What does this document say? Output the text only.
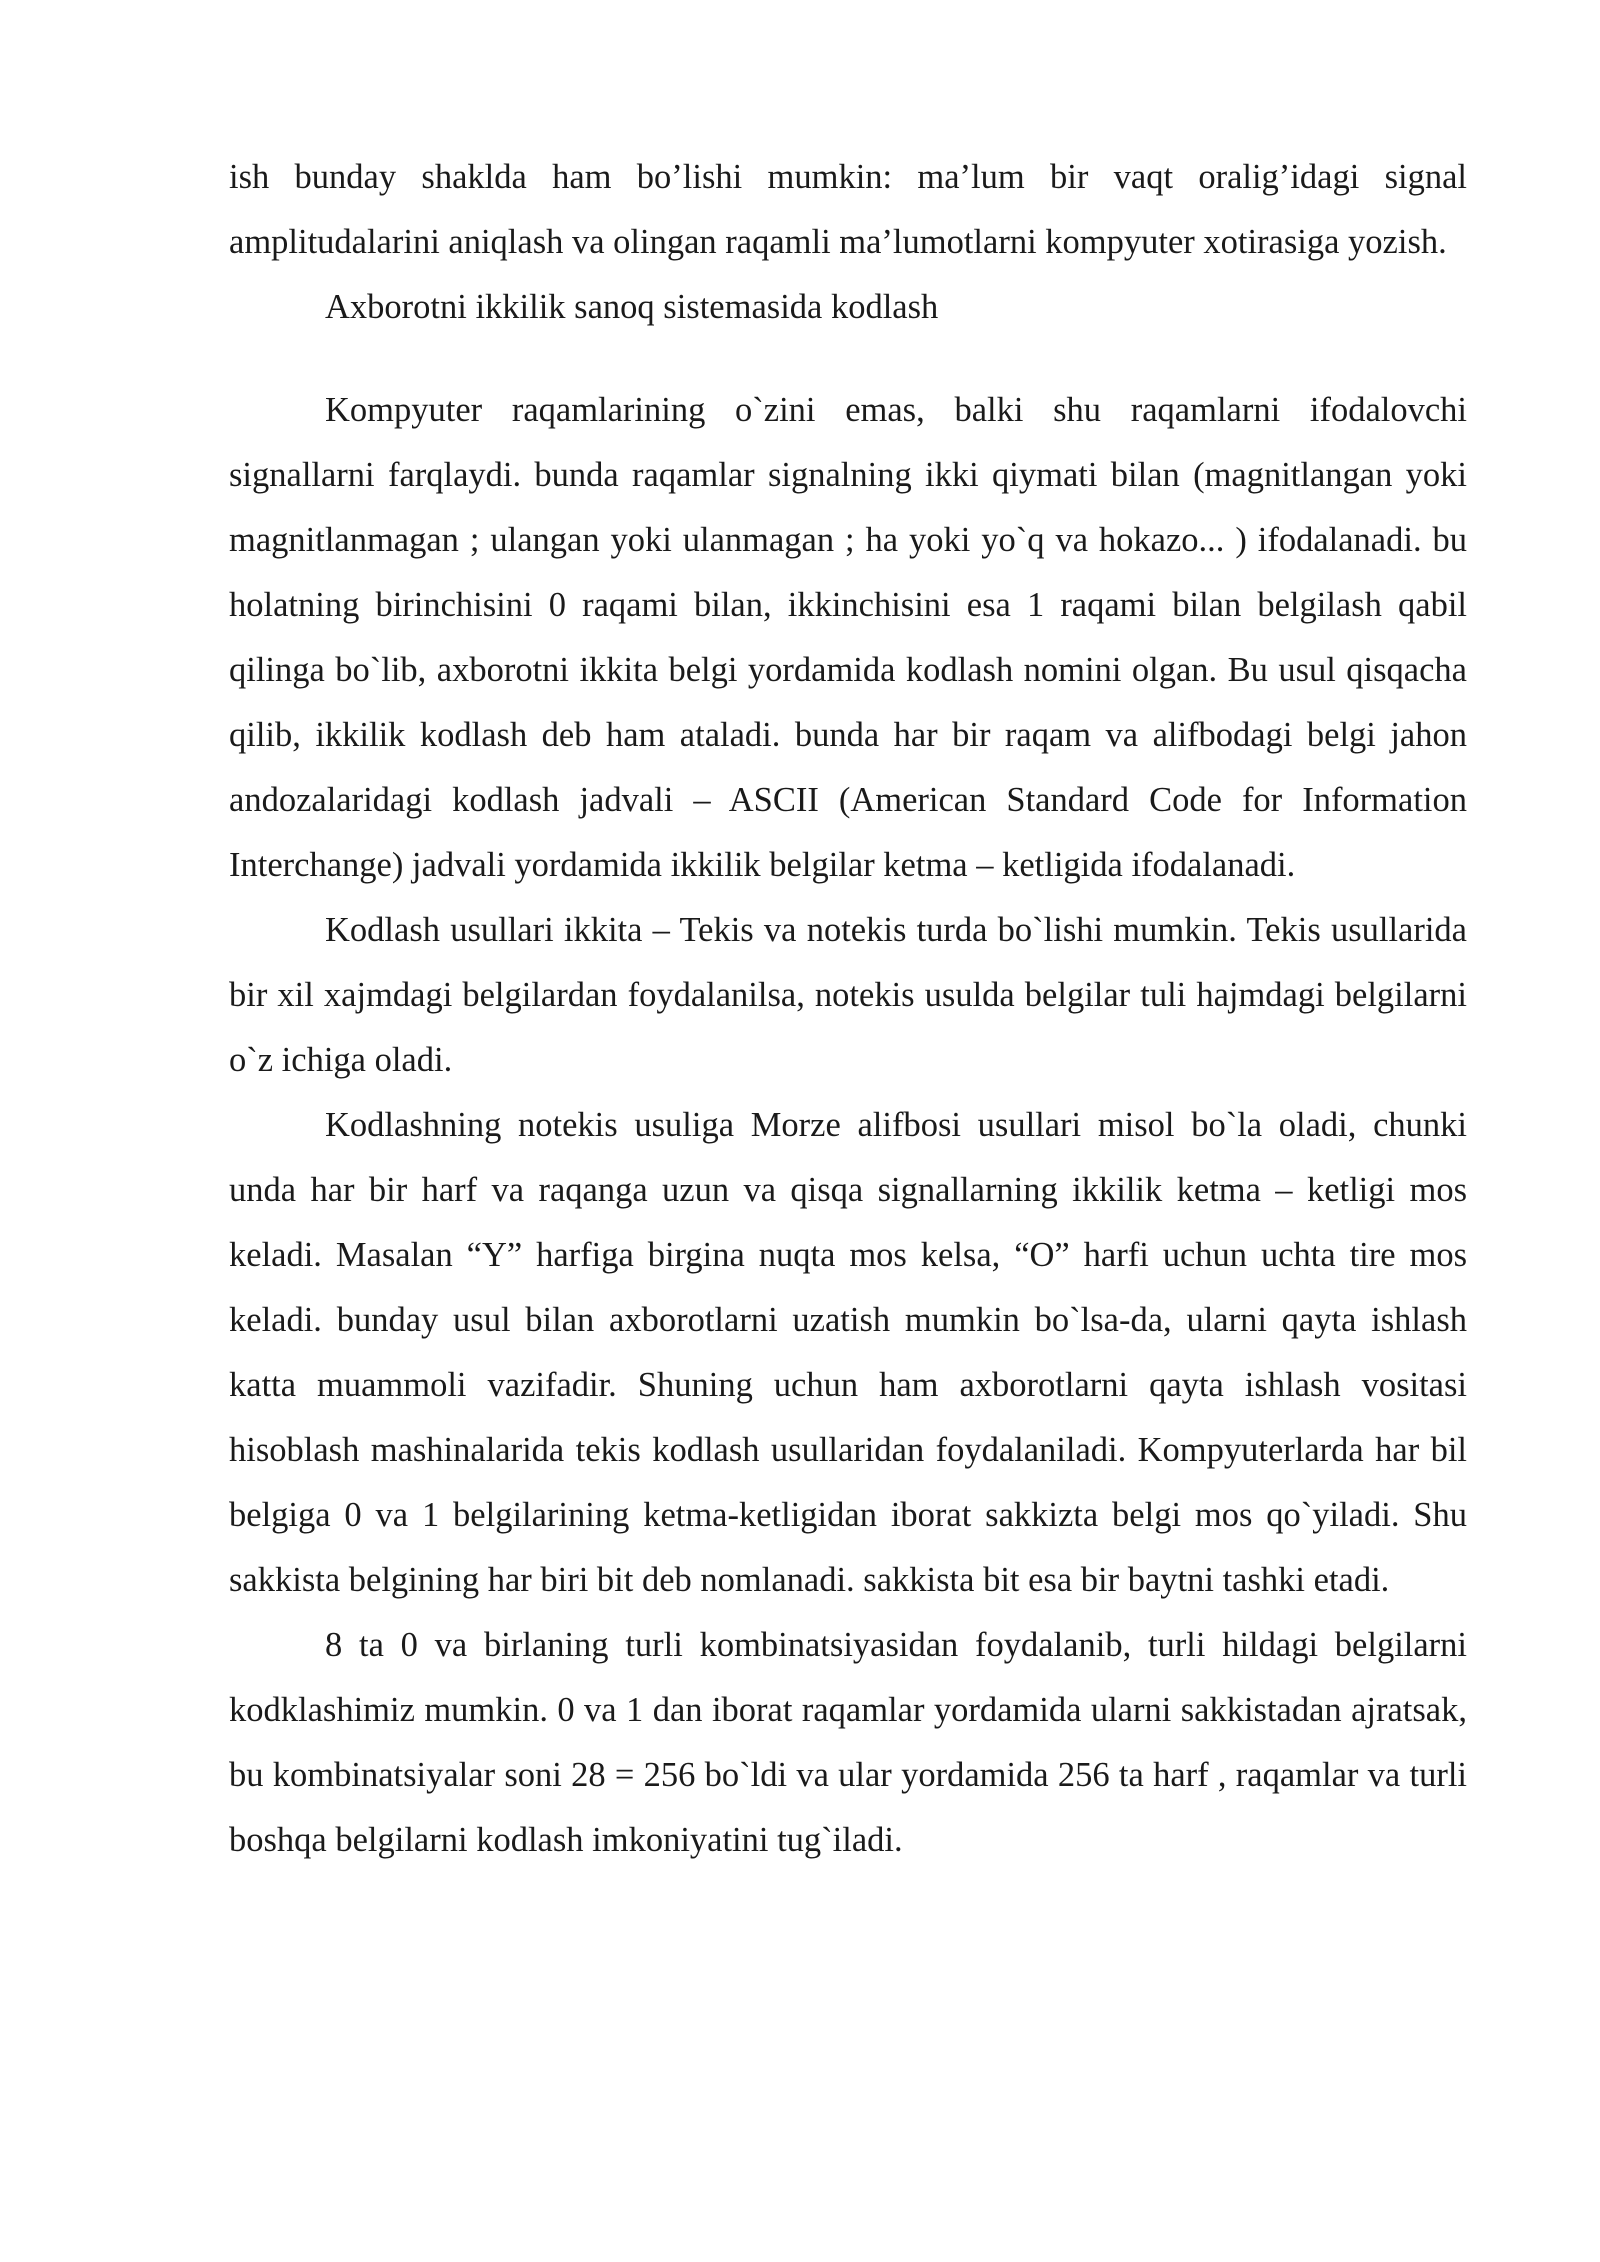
ish bunday shaklda ham bo’lishi mumkin: ma’lum bir vaqt oralig’idagi signal amplitudalarini aniqlash va olingan raqamli ma’lumotlarni kompyuter xotirasiga yozish.

Axborotni ikkilik sanoq sistemasida kodlash

Kompyuter raqamlarining o`zini emas, balki shu raqamlarni ifodalovchi signallarni farqlaydi. bunda raqamlar signalning ikki qiymati bilan (magnitlangan yoki magnitlanmagan ; ulangan yoki ulanmagan ; ha yoki yo`q va hokazo... ) ifodalanadi. bu holatning birinchisini 0 raqami bilan, ikkinchisini esa 1 raqami bilan belgilash qabil qilinga bo`lib, axborotni ikkita belgi yordamida kodlash nomini olgan. Bu usul qisqacha qilib, ikkilik kodlash deb ham ataladi. bunda har bir raqam va alifbodagi belgi jahon andozalaridagi kodlash jadvali – ASCII (American Standard Code for Information Interchange) jadvali yordamida ikkilik belgilar ketma – ketligida ifodalanadi.

Kodlash usullari ikkita – Tekis va notekis turda bo`lishi mumkin. Tekis usullarida bir xil xajmdagi belgilardan foydalanilsa, notekis usulda belgilar tuli hajmdagi belgilarni o`z ichiga oladi.

Kodlashning notekis usuliga Morze alifbosi usullari misol bo`la oladi, chunki unda har bir harf va raqanga uzun va qisqa signallarning ikkilik ketma – ketligi mos keladi. Masalan “Y” harfiga birgina nuqta mos kelsa, “O” harfi uchun uchta tire mos keladi. bunday usul bilan axborotlarni uzatish mumkin bo`lsa-da, ularni qayta ishlash katta muammoli vazifadir. Shuning uchun ham axborotlarni qayta ishlash vositasi hisoblash mashinalarida tekis kodlash usullaridan foydalaniladi. Kompyuterlarda har bil belgiga 0 va 1 belgilarining ketma-ketligidan iborat sakkizta belgi mos qo`yiladi. Shu sakkista belgining har biri bit deb nomlanadi. sakkista bit esa bir baytni tashki etadi.

8 ta 0 va birlaning turli kombinatsiyasidan foydalanib, turli hildagi belgilarni kodklashimiz mumkin. 0 va 1 dan iborat raqamlar yordamida ularni sakkistadan ajratsak, bu kombinatsiyalar soni 28 = 256 bo`ldi va ular yordamida 256 ta harf , raqamlar va turli boshqa belgilarni kodlash imkoniyatini tug`iladi.
